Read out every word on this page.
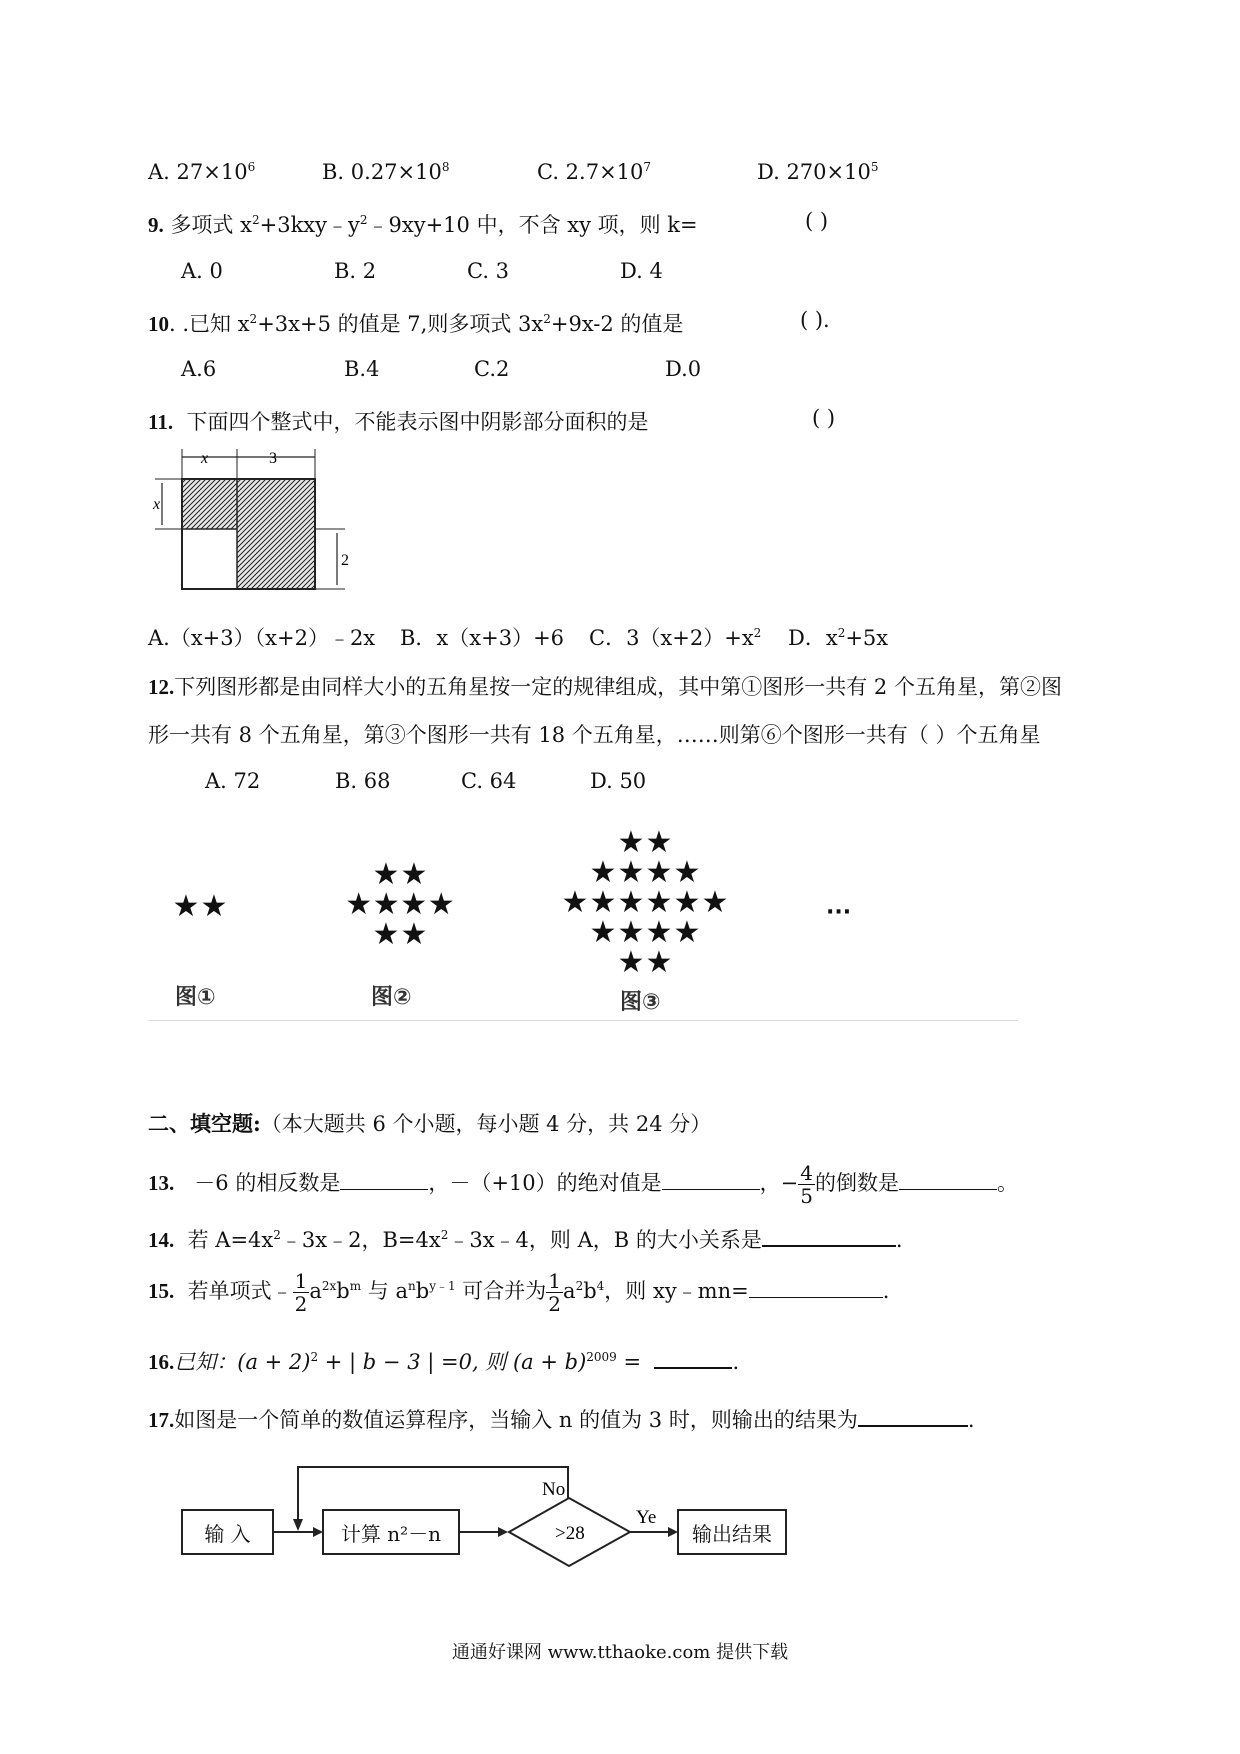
A. $27\times 10^6$	B. $0.27\times 10^8$	C. $2.7\times 10^7$	D. $270\times 10^5$
9. 多项式 $x^2+3kxy﹣y^2﹣9xy+10$ 中，不含 xy 项，则 k=	( )
A. 0	B. 2	C. 3	D. 4
10. .已知 $x^2+3x+5$ 的值是 7,则多项式 $3x^2+9x-2$ 的值是	( ).
A.6	B.4	C.2	D.0
11. 下面四个整式中，不能表示图中阴影部分面积的是	( )
x	3
x
2
A.（x+3）（x+2）﹣2x B．x（x+3）+6 C．$3(x+2)+x^2$ D．$x^2+5x$
12.下列图形都是由同样大小的五角星按一定的规律组成，其中第①图形一共有 2 个五角星，第②图
形一共有 8 个五角星，第③个图形一共有 18 个五角星，……则第⑥个图形一共有（ ）个五角星
A. 72	B. 68	C. 64	D. 50
★ ★
★ ★
★ ★ ★ ★
★ ★
★ ★
★ ★ ★ ★
★ ★ ★ ★ ★ ★
★ ★ ★ ★
★ ★
···
图①	图②	图③
二、填空题:（本大题共 6 个小题，每小题 4 分，共 24 分）
13. －6 的相反数是	，－（+10）的绝对值是	，− $\frac{4}{5}$ 的倒数是	。
14. 若 $A=4x^2﹣3x﹣2$，$B=4x^2﹣3x﹣4$，则 A，B 的大小关系是	.
15. 若单项式﹣ $\frac{1}{2} a^{2x}b^m$ 与 $a^nb^{y﹣1}$ 可合并为 $\frac{1}{2} a^2b^4$，则 xy﹣mn=	.
16.已知：$(a + 2)^2$ + | b − 3 | =0, 则 $(a + b)^{2009}$ =	.
17.如图是一个简单的数值运算程序，当输入 n 的值为 3 时，则输出的结果为	.
>28
No
Ye
输 入	计算 n²－n	输出结果
通通好课网 www.tthaoke.com 提供下载
